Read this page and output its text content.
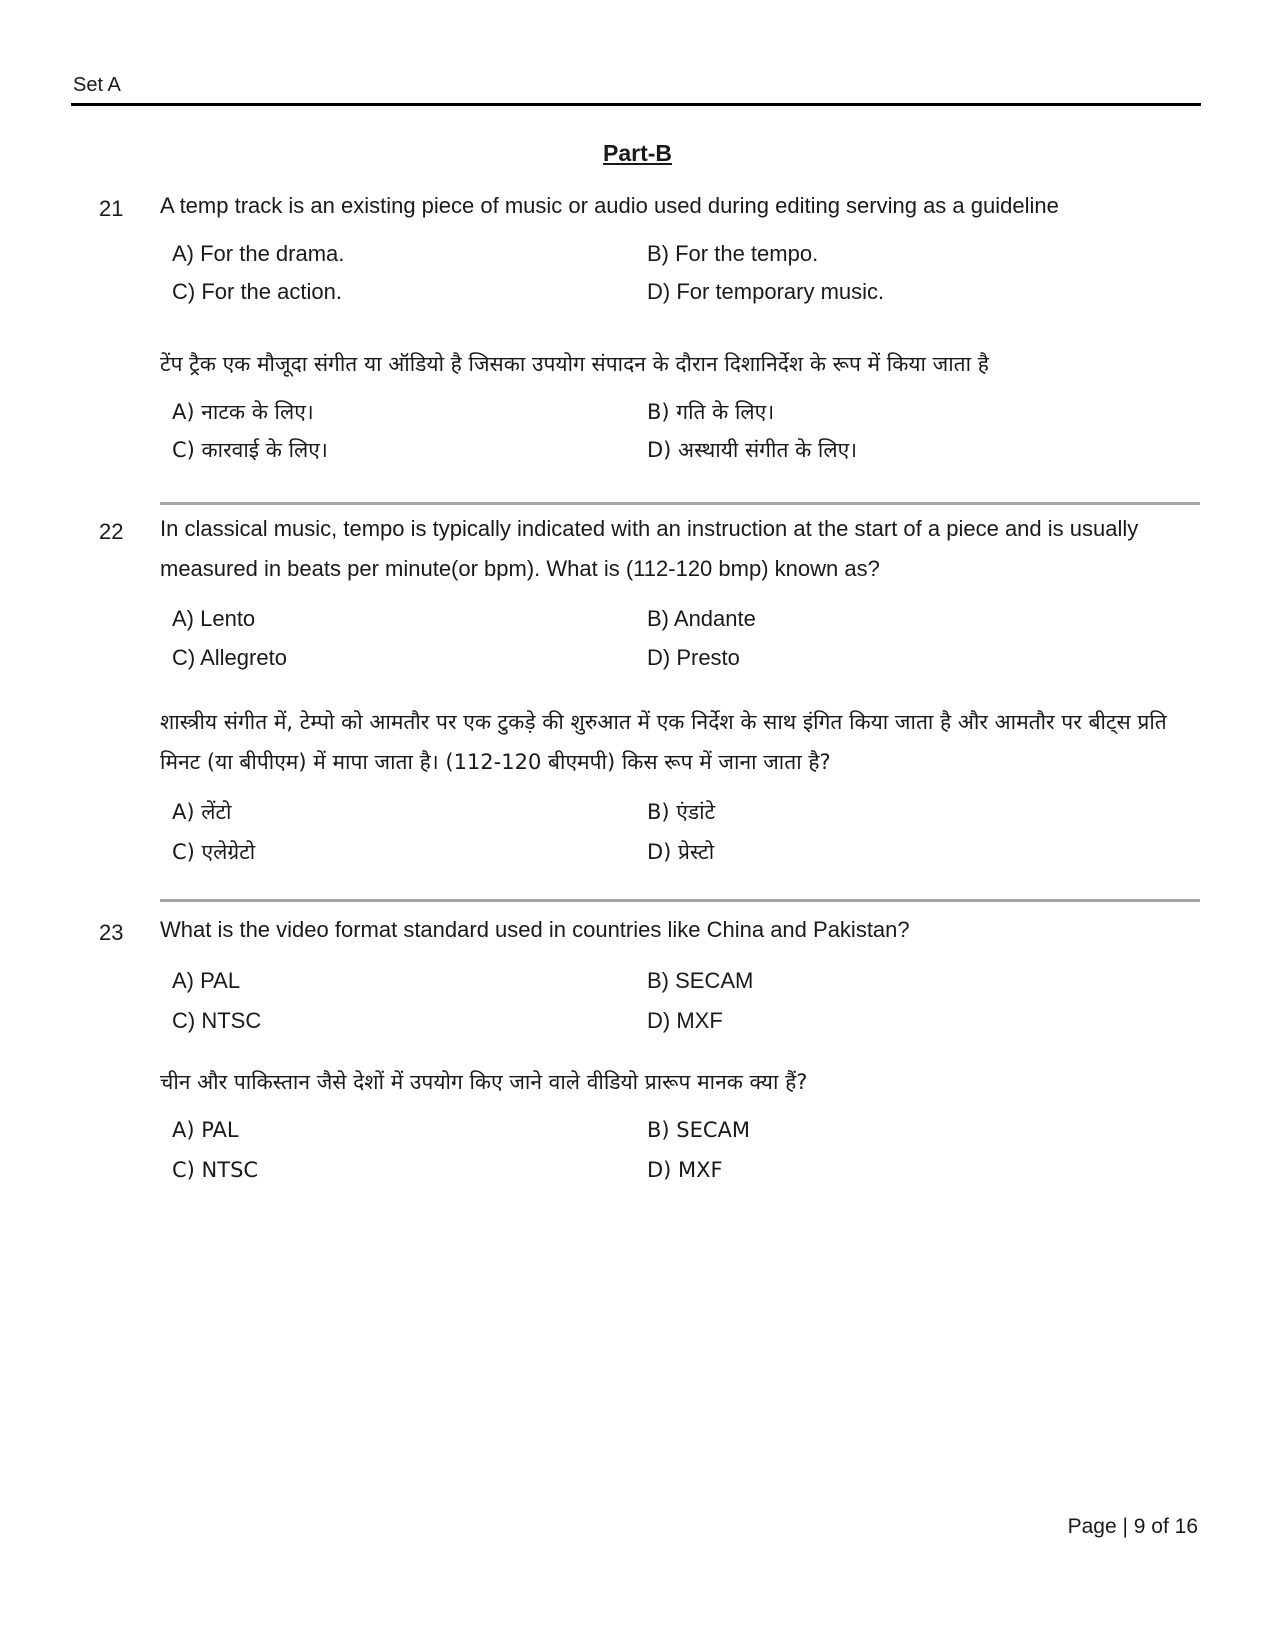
Set A
Part-B
21 A temp track is an existing piece of music or audio used during editing serving as a guideline
A) For the drama.	B) For the tempo.
C) For the action.	D) For temporary music.
टेंप ट्रैक एक मौजूदा संगीत या ऑडियो है जिसका उपयोग संपादन के दौरान दिशानिर्देश के रूप में किया जाता है
A) नाटक के लिए।	B) गति के लिए।
C) कारवाई के लिए।	D) अस्थायी संगीत के लिए।
22 In classical music, tempo is typically indicated with an instruction at the start of a piece and is usually measured in beats per minute(or bpm). What is (112-120 bmp) known as?
A) Lento	B) Andante
C) Allegreto	D) Presto
शास्त्रीय संगीत में, टेम्पो को आमतौर पर एक टुकड़े की शुरुआत में एक निर्देश के साथ इंगित किया जाता है और आमतौर पर बीट्स प्रति मिनट (या बीपीएम) में मापा जाता है। (112-120 बीएमपी) किस रूप में जाना जाता है?
A) लेंटो	B) एंडांटे
C) एलेग्रेटो	D) प्रेस्टो
23 What is the video format standard used in countries like China and Pakistan?
A) PAL	B) SECAM
C) NTSC	D) MXF
चीन और पाकिस्तान जैसे देशों में उपयोग किए जाने वाले वीडियो प्रारूप मानक क्या हैं?
A) PAL	B) SECAM
C) NTSC	D) MXF
Page | 9 of 16
